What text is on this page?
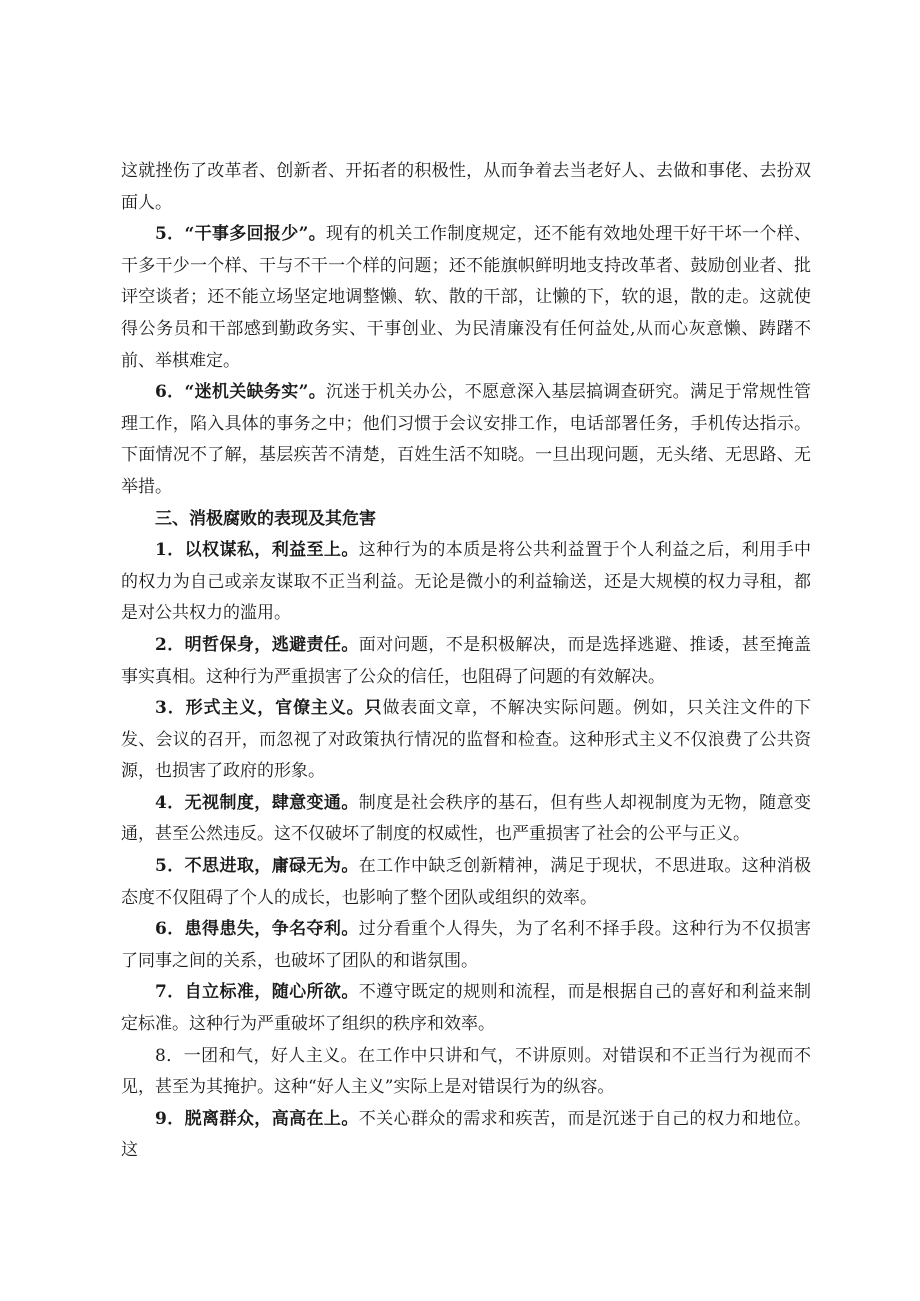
这就挫伤了改革者、创新者、开拓者的积极性，从而争着去当老好人、去做和事佬、去扮双面人。

5．“干事多回报少”。现有的机关工作制度规定，还不能有效地处理干好干坏一个样、干多干少一个样、干与不干一个样的问题；还不能旗帜鲜明地支持改革者、鼓励创业者、批评空谈者；还不能立场坚定地调整懒、软、散的干部，让懒的下，软的退，散的走。这就使得公务员和干部感到勤政务实、干事创业、为民清廉没有任何益处,从而心灰意懒、踌躇不前、举棋难定。

6．“迷机关缺务实”。沉迷于机关办公，不愿意深入基层搞调查研究。满足于常规性管理工作，陷入具体的事务之中；他们习惯于会议安排工作，电话部署任务，手机传达指示。下面情况不了解，基层疾苦不清楚，百姓生活不知晓。一旦出现问题，无头绪、无思路、无举措。

三、消极腐败的表现及其危害

1．以权谋私，利益至上。这种行为的本质是将公共利益置于个人利益之后，利用手中的权力为自己或亲友谋取不正当利益。无论是微小的利益输送，还是大规模的权力寻租，都是对公共权力的滥用。

2．明哲保身，逃避责任。面对问题，不是积极解决，而是选择逃避、推诿，甚至掩盖事实真相。这种行为严重损害了公众的信任，也阻碍了问题的有效解决。

3．形式主义，官僚主义。只做表面文章，不解决实际问题。例如，只关注文件的下发、会议的召开，而忽视了对政策执行情况的监督和检查。这种形式主义不仅浪费了公共资源，也损害了政府的形象。

4．无视制度，肆意变通。制度是社会秩序的基石，但有些人却视制度为无物，随意变通，甚至公然违反。这不仅破坏了制度的权威性，也严重损害了社会的公平与正义。

5．不思进取，庸碌无为。在工作中缺乏创新精神，满足于现状，不思进取。这种消极态度不仅阻碍了个人的成长，也影响了整个团队或组织的效率。

6．患得患失，争名夺利。过分看重个人得失，为了名利不择手段。这种行为不仅损害了同事之间的关系，也破坏了团队的和谐氛围。

7．自立标准，随心所欲。不遵守既定的规则和流程，而是根据自己的喜好和利益来制定标准。这种行为严重破坏了组织的秩序和效率。

8．一团和气，好人主义。在工作中只讲和气，不讲原则。对错误和不正当行为视而不见，甚至为其掩护。这种“好人主义”实际上是对错误行为的纵容。

9．脱离群众，高高在上。不关心群众的需求和疾苦，而是沉迷于自己的权力和地位。这
